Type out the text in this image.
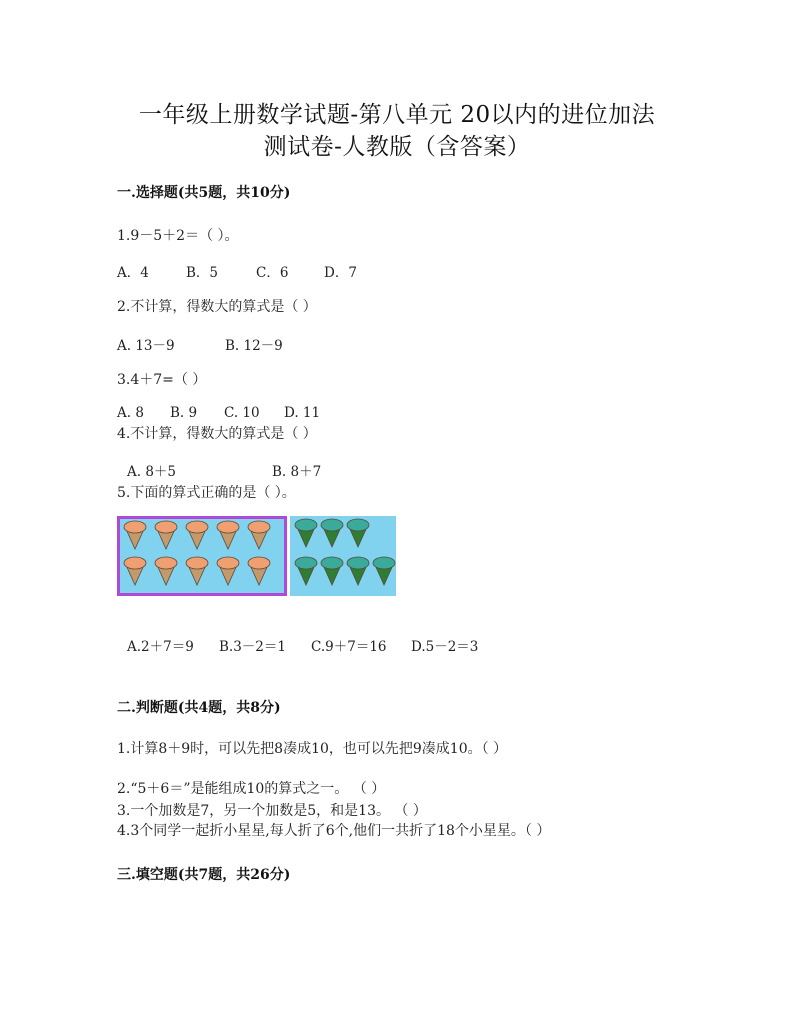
一年级上册数学试题-第八单元 20以内的进位加法
测试卷-人教版（含答案）
一.选择题(共5题，共10分)
1.9－5＋2＝（ ）。
A．4	B．5	C．6	D．7
2.不计算，得数大的算式是（ ）
A. 13－9	B. 12－9
3.4＋7=（ ）
A. 8 B. 9 C. 10 D. 11
4.不计算，得数大的算式是（ ）
A. 8＋5	B. 8＋7
5.下面的算式正确的是（ ）。
A.2＋7＝9 B.3－2＝1 C.9＋7＝16 D.5－2＝3
二.判断题(共4题，共8分)
1.计算8＋9时，可以先把8凑成10，也可以先把9凑成10。（ ）
2.“5＋6＝”是能组成10的算式之一。 （ ）
3.一个加数是7，另一个加数是5，和是13。 （ ）
4.3个同学一起折小星星,每人折了6个,他们一共折了18个小星星。（ ）
三.填空题(共7题，共26分)
